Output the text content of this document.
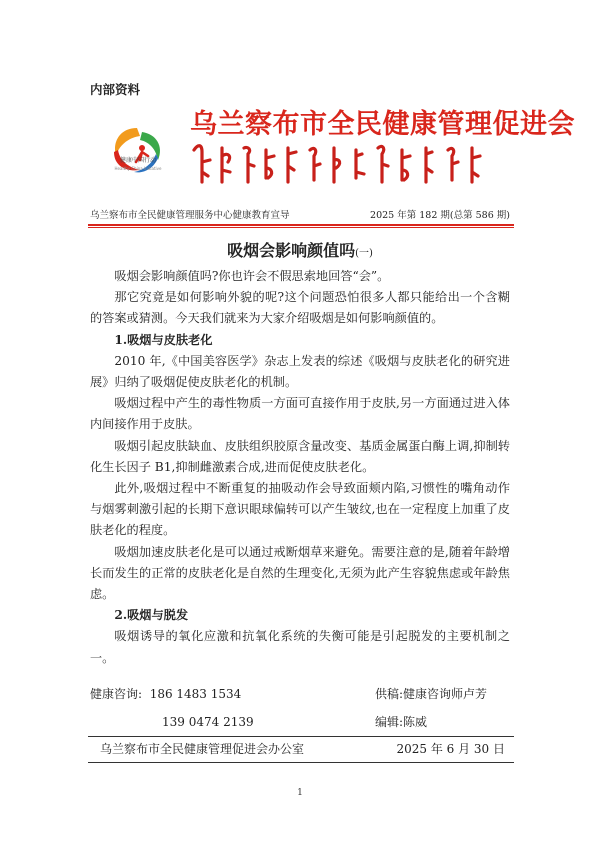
内部资料
健康中国行动
Healthy China Initiative
乌兰察布市全民健康管理促进会
乌兰察布市全民健康管理服务中心健康教育宣导	2025 年第 182 期(总第 586 期)
吸烟会影响颜值吗(一)

吸烟会影响颜值吗?你也许会不假思索地回答“会”。

那它究竟是如何影响外貌的呢?这个问题恐怕很多人都只能给出一个含糊的答案或猜测。今天我们就来为大家介绍吸烟是如何影响颜值的。

1.吸烟与皮肤老化

2010 年,《中国美容医学》杂志上发表的综述《吸烟与皮肤老化的研究进展》归纳了吸烟促使皮肤老化的机制。

吸烟过程中产生的毒性物质一方面可直接作用于皮肤,另一方面通过进入体内间接作用于皮肤。

吸烟引起皮肤缺血、皮肤组织胶原含量改变、基质金属蛋白酶上调,抑制转化生长因子 B1,抑制雌激素合成,进而促使皮肤老化。

此外,吸烟过程中不断重复的抽吸动作会导致面颊内陷,习惯性的嘴角动作与烟雾刺激引起的长期下意识眼球偏转可以产生皱纹,也在一定程度上加重了皮肤老化的程度。

吸烟加速皮肤老化是可以通过戒断烟草来避免。需要注意的是,随着年龄增长而发生的正常的皮肤老化是自然的生理变化,无须为此产生容貌焦虑或年龄焦虑。

2.吸烟与脱发

吸烟诱导的氧化应激和抗氧化系统的失衡可能是引起脱发的主要机制之一。

健康咨询: 186 1483 1534	供稿:健康咨询师卢芳
139 0474 2139	编辑:陈威
乌兰察布市全民健康管理促进会办公室	2025 年 6 月 30 日
1
